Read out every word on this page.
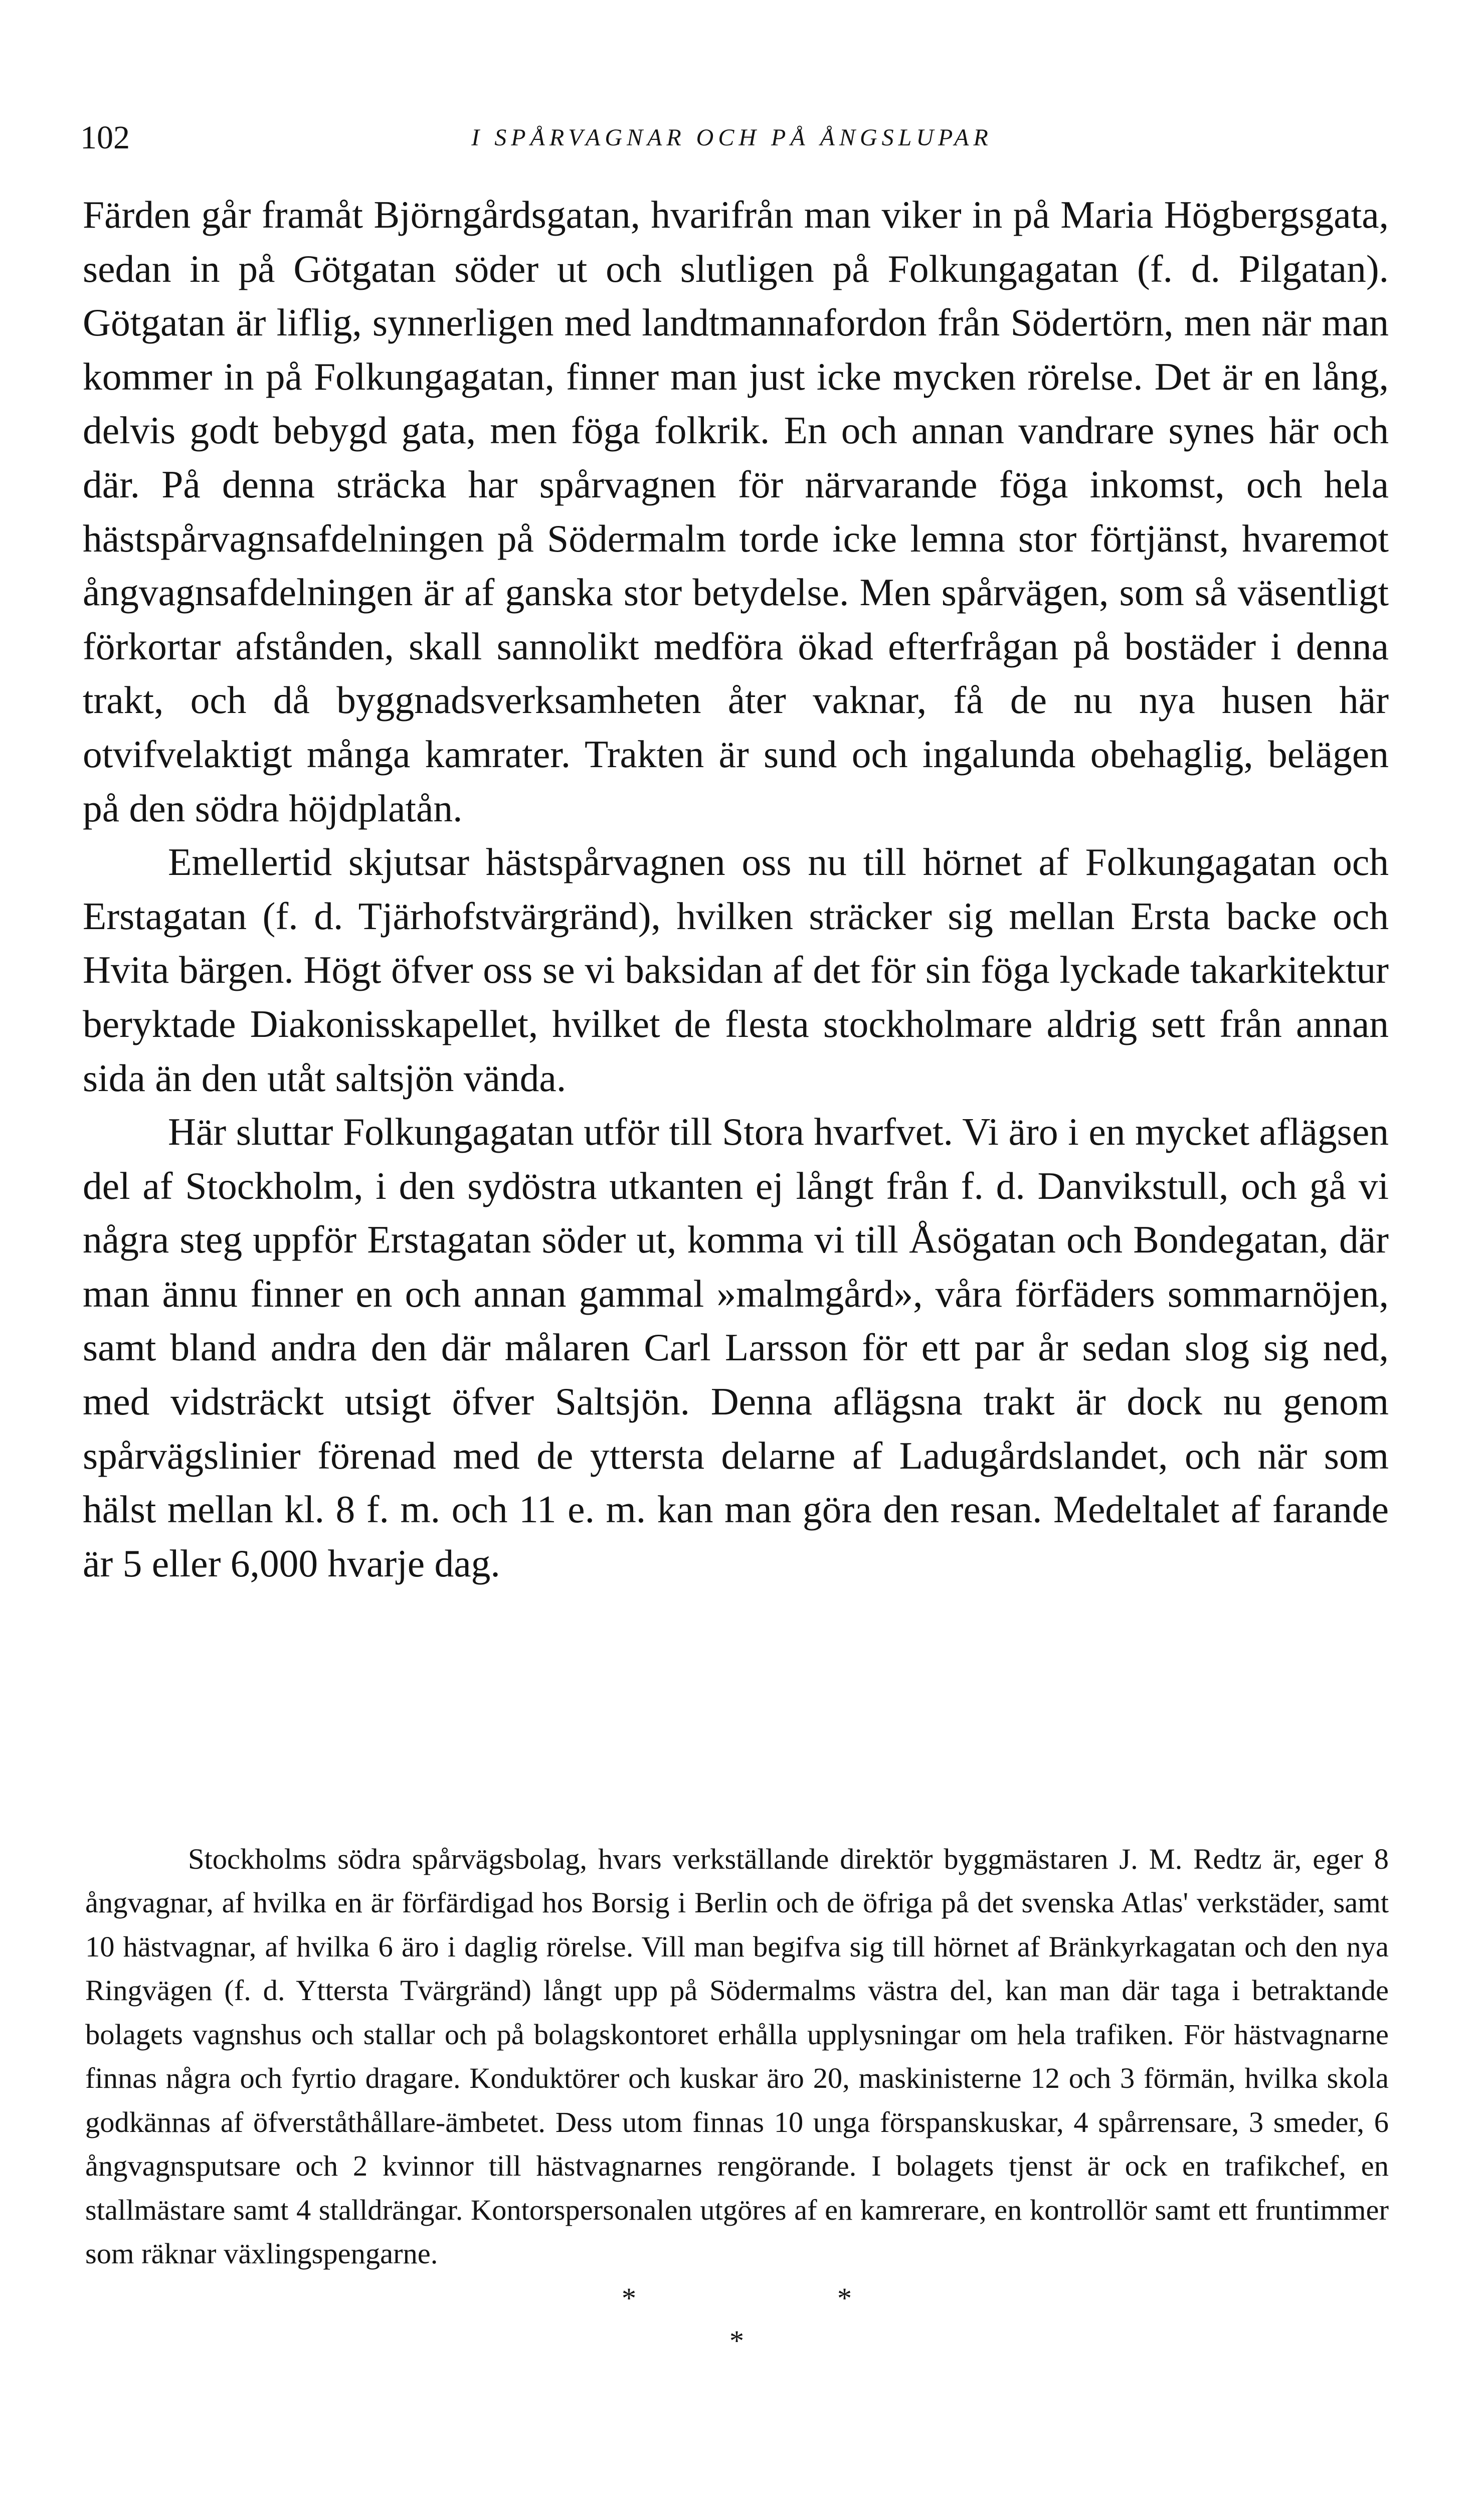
102	I SPÅRVAGNAR OCH PÅ ÅNGSLUPAR

Färden går framåt Björngårdsgatan, hvarifrån man viker in på Maria Högbergsgata, sedan in på Götgatan söder ut och slutligen på Folkungagatan (f. d. Pilgatan). Götgatan är liflig, synnerligen med landtmannafordon från Södertörn, men när man kommer in på Folkungagatan, finner man just icke mycken rörelse. Det är en lång, delvis godt bebygd gata, men föga folkrik. En och annan vandrare synes här och där. På denna sträcka har spårvagnen för närvarande föga inkomst, och hela hästspårvagnsafdelningen på Södermalm torde icke lemna stor förtjänst, hvaremot ångvagnsafdelningen är af ganska stor betydelse. Men spårvägen, som så väsentligt förkortar afstånden, skall sannolikt medföra ökad efterfrågan på bostäder i denna trakt, och då byggnadsverksamheten åter vaknar, få de nu nya husen här otvifvelaktigt många kamrater. Trakten är sund och ingalunda obehaglig, belägen på den södra höjdplatån.

Emellertid skjutsar hästspårvagnen oss nu till hörnet af Folkungagatan och Erstagatan (f. d. Tjärhofstvärgränd), hvilken sträcker sig mellan Ersta backe och Hvita bärgen. Högt öfver oss se vi baksidan af det för sin föga lyckade takarkitektur beryktade Diakonisskapellet, hvilket de flesta stockholmare aldrig sett från annan sida än den utåt saltsjön vända.

Här sluttar Folkungagatan utför till Stora hvarfvet. Vi äro i en mycket aflägsen del af Stockholm, i den sydöstra utkanten ej långt från f. d. Danvikstull, och gå vi några steg uppför Erstagatan söder ut, komma vi till Åsögatan och Bondegatan, där man ännu finner en och annan gammal »malmgård», våra förfäders sommarnöjen, samt bland andra den där målaren Carl Larsson för ett par år sedan slog sig ned, med vidsträckt utsigt öfver Saltsjön. Denna aflägsna trakt är dock nu genom spårvägslinier förenad med de yttersta delarne af Ladugårdslandet, och när som hälst mellan kl. 8 f. m. och 11 e. m. kan man göra den resan. Medeltalet af farande är 5 eller 6,000 hvarje dag.

Stockholms södra spårvägsbolag, hvars verkställande direktör byggmästaren J. M. Redtz är, eger 8 ångvagnar, af hvilka en är förfärdigad hos Borsig i Berlin och de öfriga på det svenska Atlas' verkstäder, samt 10 hästvagnar, af hvilka 6 äro i daglig rörelse. Vill man begifva sig till hörnet af Bränkyrkagatan och den nya Ringvägen (f. d. Yttersta Tvärgränd) långt upp på Södermalms västra del, kan man där taga i betraktande bolagets vagnshus och stallar och på bolagskontoret erhålla upplysningar om hela trafiken. För hästvagnarne finnas några och fyrtio dragare. Konduktörer och kuskar äro 20, maskinisterne 12 och 3 förmän, hvilka skola godkännas af öfverståthållare-ämbetet. Dess utom finnas 10 unga förspanskuskar, 4 spårrensare, 3 smeder, 6 ångvagnsputsare och 2 kvinnor till hästvagnarnes rengörande. I bolagets tjenst är ock en trafikchef, en stallmästare samt 4 stalldrängar. Kontorspersonalen utgöres af en kamrerare, en kontrollör samt ett fruntimmer som räknar växlingspengarne.

*	*
*
